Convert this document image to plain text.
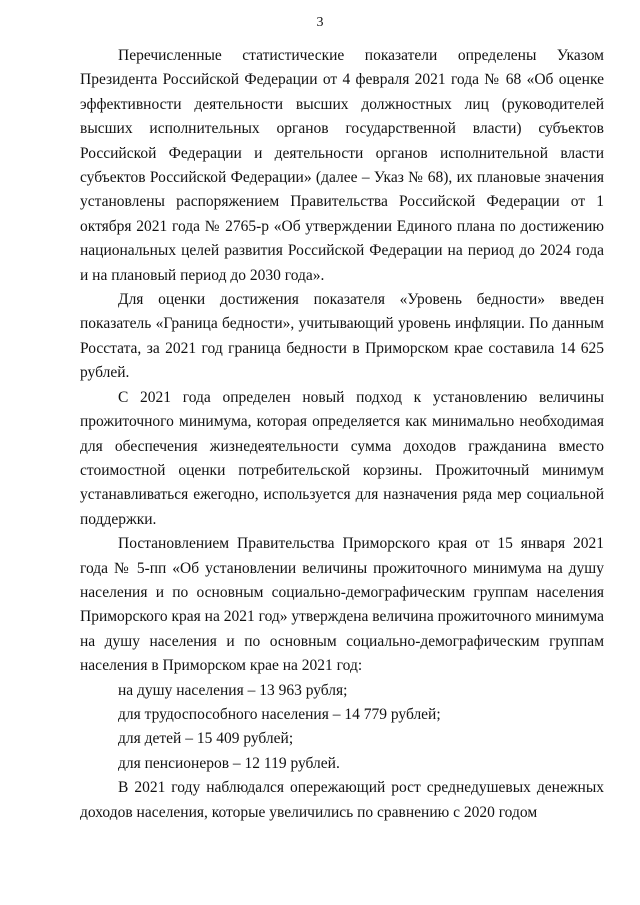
3

Перечисленные статистические показатели определены Указом Президента Российской Федерации от 4 февраля 2021 года № 68 «Об оценке эффективности деятельности высших должностных лиц (руководителей высших исполнительных органов государственной власти) субъектов Российской Федерации и деятельности органов исполнительной власти субъектов Российской Федерации» (далее – Указ № 68), их плановые значения установлены распоряжением Правительства Российской Федерации от 1 октября 2021 года № 2765-р «Об утверждении Единого плана по достижению национальных целей развития Российской Федерации на период до 2024 года и на плановый период до 2030 года».

Для оценки достижения показателя «Уровень бедности» введен показатель «Граница бедности», учитывающий уровень инфляции. По данным Росстата, за 2021 год граница бедности в Приморском крае составила 14 625 рублей.

С 2021 года определен новый подход к установлению величины прожиточного минимума, которая определяется как минимально необходимая для обеспечения жизнедеятельности сумма доходов гражданина вместо стоимостной оценки потребительской корзины. Прожиточный минимум устанавливаться ежегодно, используется для назначения ряда мер социальной поддержки.

Постановлением Правительства Приморского края от 15 января 2021 года № 5-пп «Об установлении величины прожиточного минимума на душу населения и по основным социально-демографическим группам населения Приморского края на 2021 год» утверждена величина прожиточного минимума на душу населения и по основным социально-демографическим группам населения в Приморском крае на 2021 год:

на душу населения – 13 963 рубля;
для трудоспособного населения – 14 779 рублей;
для детей – 15 409 рублей;
для пенсионеров – 12 119 рублей.

В 2021 году наблюдался опережающий рост среднедушевых денежных доходов населения, которые увеличились по сравнению с 2020 годом
